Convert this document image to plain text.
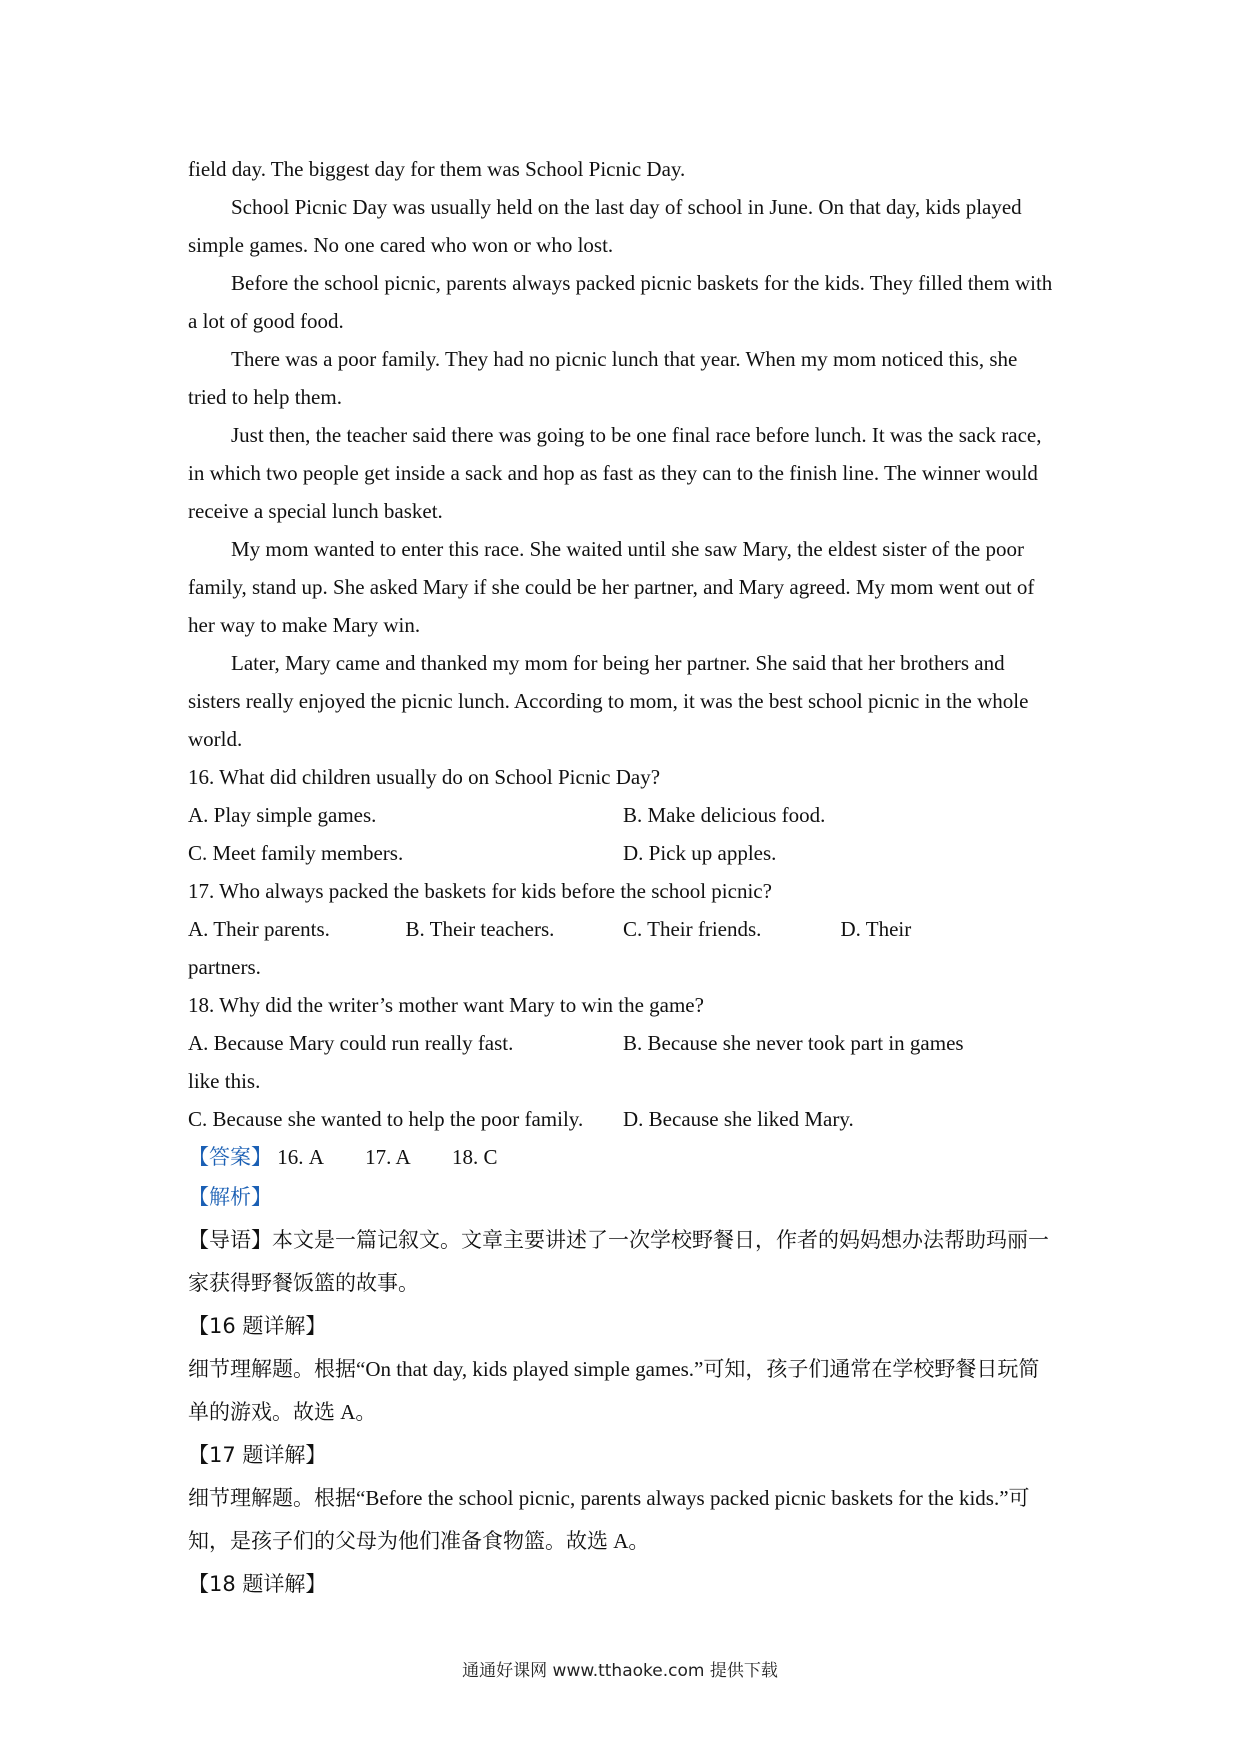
field day. The biggest day for them was School Picnic Day.

School Picnic Day was usually held on the last day of school in June. On that day, kids played simple games. No one cared who won or who lost.

Before the school picnic, parents always packed picnic baskets for the kids. They filled them with a lot of good food.

There was a poor family. They had no picnic lunch that year. When my mom noticed this, she tried to help them.

Just then, the teacher said there was going to be one final race before lunch. It was the sack race, in which two people get inside a sack and hop as fast as they can to the finish line. The winner would receive a special lunch basket.

My mom wanted to enter this race. She waited until she saw Mary, the eldest sister of the poor family, stand up. She asked Mary if she could be her partner, and Mary agreed. My mom went out of her way to make Mary win.

Later, Mary came and thanked my mom for being her partner. She said that her brothers and sisters really enjoyed the picnic lunch. According to mom, it was the best school picnic in the whole world.

16. What did children usually do on School Picnic Day?

A. Play simple games.	B. Make delicious food.
C. Meet family members.	D. Pick up apples.

17. Who always packed the baskets for kids before the school picnic?

A. Their parents.	B. Their teachers.	C. Their friends.	D. Their

partners.

18. Why did the writer’s mother want Mary to win the game?

A. Because Mary could run really fast.	B. Because she never took part in games

like this.

C. Because she wanted to help the poor family.	D. Because she liked Mary.

【答案】 16. A 17. A 18. C

【解析】

【导语】本文是一篇记叙文。文章主要讲述了一次学校野餐日，作者的妈妈想办法帮助玛丽一家获得野餐饭篮的故事。

【16 题详解】

细节理解题。根据“On that day, kids played simple games.”可知，孩子们通常在学校野餐日玩简单的游戏。故选 A。

【17 题详解】

细节理解题。根据“Before the school picnic, parents always packed picnic baskets for the kids.”可知，是孩子们的父母为他们准备食物篮。故选 A。

【18 题详解】

通通好课网 www.tthaoke.com 提供下载
